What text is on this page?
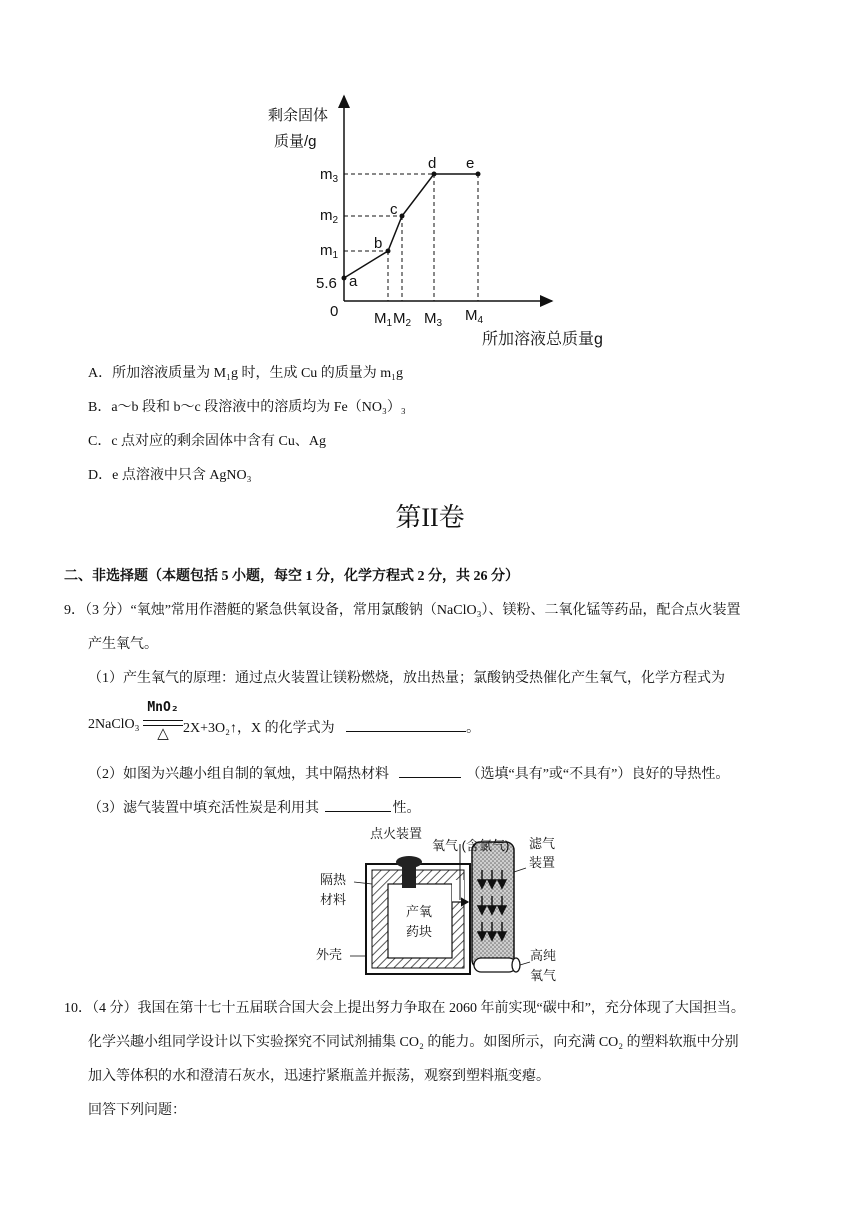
剩余固体
质量/g
$m_3$
$m_2$
$m_1$
5.6
0
a
b
c
d e
$M_1$ $M_2$ $M_3$ $M_4$
所加溶液总质量g
A．所加溶液质量为 M₁g 时，生成 Cu 的质量为 m₁g
B．a～b 段和 b～c 段溶液中的溶质均为 Fe（NO₃）₃
C．c 点对应的剩余固体中含有 Cu、Ag
D．e 点溶液中只含 AgNO₃
第II卷
二、非选择题（本题包括 5 小题，每空 1 分，化学方程式 2 分，共 26 分）
9．（3 分）“氧烛”常用作潜艇的紧急供氧设备，常用氯酸钠（NaClO₃）、镁粉、二氧化锰等药品，配合点火装置
产生氧气。
（1）产生氧气的原理：通过点火装置让镁粉燃烧，放出热量；氯酸钠受热催化产生氧气，化学方程式为
2NaClO₃
MnO₂
△	2X+3O₂↑，X 的化学式为	。
（2）如图为兴趣小组自制的氧烛，其中隔热材料	（选填“具有”或“不具有”）良好的导热性。
（3）滤气装置中填充活性炭是利用其	性。
点火装置
氧气 (含氯气)
隔热
材料
产氧
药块
滤气
装置
外壳	高纯
氧气
10．（4 分）我国在第十七十五届联合国大会上提出努力争取在 2060 年前实现“碳中和”，充分体现了大国担当。
化学兴趣小组同学设计以下实验探究不同试剂捕集 CO₂ 的能力。如图所示，向充满 CO₂ 的塑料软瓶中分别
加入等体积的水和澄清石灰水，迅速拧紧瓶盖并振荡，观察到塑料瓶变瘪。
回答下列问题：
